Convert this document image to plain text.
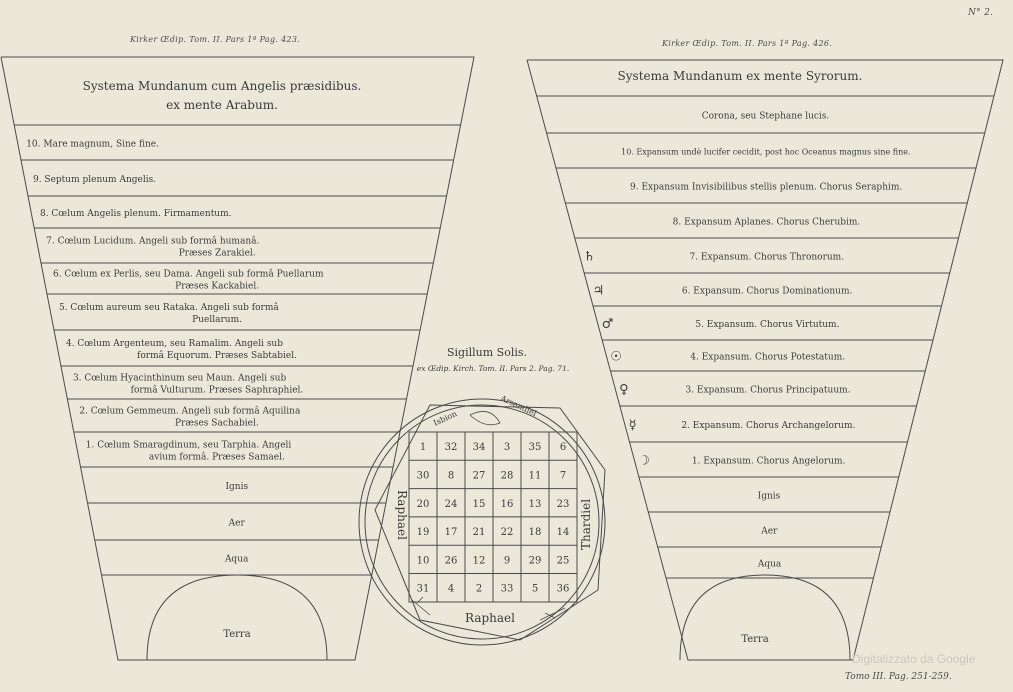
N° 2.
Kirker Œdip. Tom. II. Pars 1ª Pag. 423.	Kirker Œdip. Tom. II. Pars 1ª Pag. 426.
10. Mare magnum, Sine fine.
9. Septum plenum Angelis.
8. Cœlum Angelis plenum. Firmamentum.
7. Cœlum Lucidum. Angeli sub formâ humanâ.
Præses Zarakiel.
6. Cœlum ex Perlis, seu Dama. Angeli sub formâ Puellarum
Præses Kackabiel.
5. Cœlum aureum seu Rataka. Angeli sub formâ
Puellarum.
4. Cœlum Argenteum, seu Ramalim. Angeli sub
formâ Equorum. Præses Sabtabiel.
3. Cœlum Hyacinthinum seu Maun. Angeli sub
formâ Vulturum. Præses Saphraphiel.
2. Cœlum Gemmeum. Angeli sub formâ Aquilina
Præses Sachabiel.
1. Cœlum Smaragdinum, seu Tarphia. Angeli
avium formâ. Præses Samael.
Ignis
Aer
Aqua
Corona, seu Stephane lucis.
10. Expansum undè lucifer cecidit, post hoc Oceanus magnus sine fine.
9. Expansum Invisibilibus stellis plenum. Chorus Seraphim.
8. Expansum Aplanes. Chorus Cherubim.
7. Expansum. Chorus Thronorum.
6. Expansum. Chorus Dominationum.
5. Expansum. Chorus Virtutum.
4. Expansum. Chorus Potestatum.
3. Expansum. Chorus Principatuum.
2. Expansum. Chorus Archangelorum.
1. Expansum. Chorus Angelorum.
Ignis
Aer
Aqua
♄
♃
♂
☉
♀
☿
☽
Systema Mundanum cum Angelis præsidibus.
ex mente Arabum.
Terra
Systema Mundanum ex mente Syrorum.
Terra
Sigillum Solis.
ex Œdip. Kirch. Tom. II. Pars 2. Pag. 71.
1 32 34 3 35 6
30 8 27 28 11 7
20 24 15 16 13 23
19 17 21 22 18 14
10 26 12 9 29 25
31 4 2 33 5 36
Raphael	Thardiel
Raphael
Isbion
Arsandiel
Digitalizzato da Google
Tomo III. Pag. 251-259.
